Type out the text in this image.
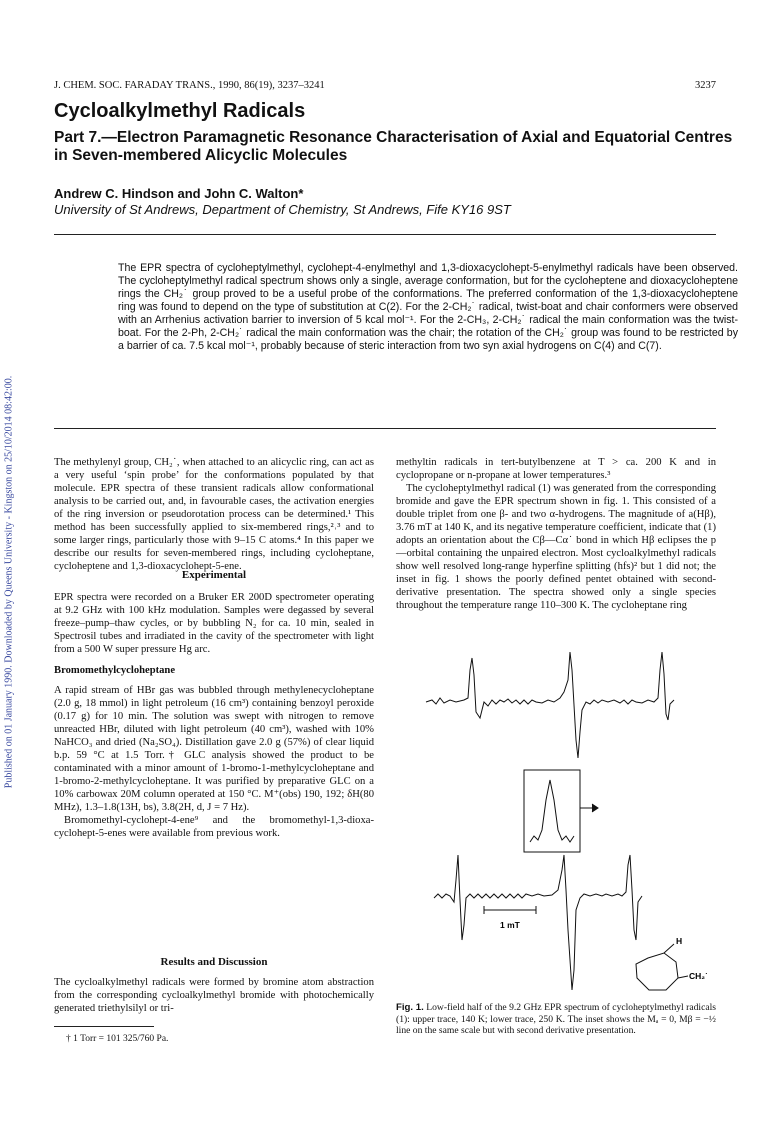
Published on 01 January 1990. Downloaded by Queens University - Kingston on 25/10/2014 08:42:00.
J. CHEM. SOC. FARADAY TRANS., 1990, 86(19), 3237–3241	3237
Cycloalkylmethyl Radicals
Part 7.—Electron Paramagnetic Resonance Characterisation of Axial and Equatorial Centres in Seven-membered Alicyclic Molecules
Andrew C. Hindson and John C. Walton*
University of St Andrews, Department of Chemistry, St Andrews, Fife KY16 9ST
The EPR spectra of cycloheptylmethyl, cyclohept-4-enylmethyl and 1,3-dioxacyclohept-5-enylmethyl radicals have been observed. The cycloheptylmethyl radical spectrum shows only a single, average conformation, but for the cycloheptene and dioxacycloheptene rings the CH₂˙ group proved to be a useful probe of the conformations. The preferred conformation of the 1,3-dioxacycloheptene ring was found to depend on the type of substitution at C(2). For the 2-CH₂˙ radical, twist-boat and chair conformers were observed with an Arrhenius activation barrier to inversion of 5 kcal mol⁻¹. For the 2-CH₃, 2-CH₂˙ radical the main conformation was the twist-boat. For the 2-Ph, 2-CH₂˙ radical the main conformation was the chair; the rotation of the CH₂˙ group was found to be restricted by a barrier of ca. 7.5 kcal mol⁻¹, probably because of steric interaction from two syn axial hydrogens on C(4) and C(7).

The methylenyl group, CH₂˙, when attached to an alicyclic ring, can act as a very useful ‘spin probe’ for the conformations populated by that molecule. EPR spectra of these transient radicals allow conformational analysis to be carried out, and, in favourable cases, the activation energies of the ring inversion or pseudorotation process can be determined.¹ This method has been successfully applied to six-membered rings,²˒³ and to some larger rings, particularly those with 9–15 C atoms.⁴ In this paper we describe our results for seven-membered rings, including cycloheptane, cycloheptene and 1,3-dioxacyclohept-5-ene.

Experimental

EPR spectra were recorded on a Bruker ER 200D spectrometer operating at 9.2 GHz with 100 kHz modulation. Samples were degassed by several freeze–pump–thaw cycles, or by bubbling N₂ for ca. 10 min, sealed in Spectrosil tubes and irradiated in the cavity of the spectrometer with light from a 500 W super pressure Hg arc.

Bromomethylcycloheptane

A rapid stream of HBr gas was bubbled through methylenecycloheptane (2.0 g, 18 mmol) in light petroleum (16 cm³) containing benzoyl peroxide (0.17 g) for 10 min. The solution was swept with nitrogen to remove unreacted HBr, diluted with light petroleum (40 cm³), washed with 10% NaHCO₃ and dried (Na₂SO₄). Distillation gave 2.0 g (57%) of clear liquid b.p. 59 °C at 1.5 Torr.† GLC analysis showed the product to be contaminated with a minor amount of 1-bromo-1-methylcycloheptane and 1-bromo-2-methylcycloheptane. It was purified by preparative GLC on a 10% carbowax 20M column operated at 150 °C. M⁺(obs) 190, 192; δH(80 MHz), 1.3–1.8(13H, bs), 3.8(2H, d, J = 7 Hz).

Bromomethyl-cyclohept-4-ene⁹ and the bromomethyl-1,3-dioxa-cyclohept-5-enes were available from previous work.

Results and Discussion

The cycloalkylmethyl radicals were formed by bromine atom abstraction from the corresponding cycloalkylmethyl bromide with photochemically generated triethylsilyl or tri-

† 1 Torr = 101 325/760 Pa.

methyltin radicals in tert-butylbenzene at T > ca. 200 K and in cyclopropane or n-propane at lower temperatures.³

The cycloheptylmethyl radical (1) was generated from the corresponding bromide and gave the EPR spectrum shown in fig. 1. This consisted of a double triplet from one β- and two α-hydrogens. The magnitude of a(Hβ), 3.76 mT at 140 K, and its negative temperature coefficient, indicate that (1) adopts an orientation about the Cβ—Cα˙ bond in which Hβ eclipses the p—orbital containing the unpaired electron. Most cycloalkylmethyl radicals show well resolved long-range hyperfine splitting (hfs)² but 1 did not; the inset in fig. 1 shows the poorly defined pentet obtained with second-derivative presentation. The spectra showed only a single species throughout the temperature range 110–300 K. The cycloheptane ring

1 mT
H
CH₂˙
Fig. 1. Low-field half of the 9.2 GHz EPR spectrum of cycloheptylmethyl radicals (1): upper trace, 140 K; lower trace, 250 K. The inset shows the Mₐ = 0, Mβ = −½ line on the same scale but with second derivative presentation.
